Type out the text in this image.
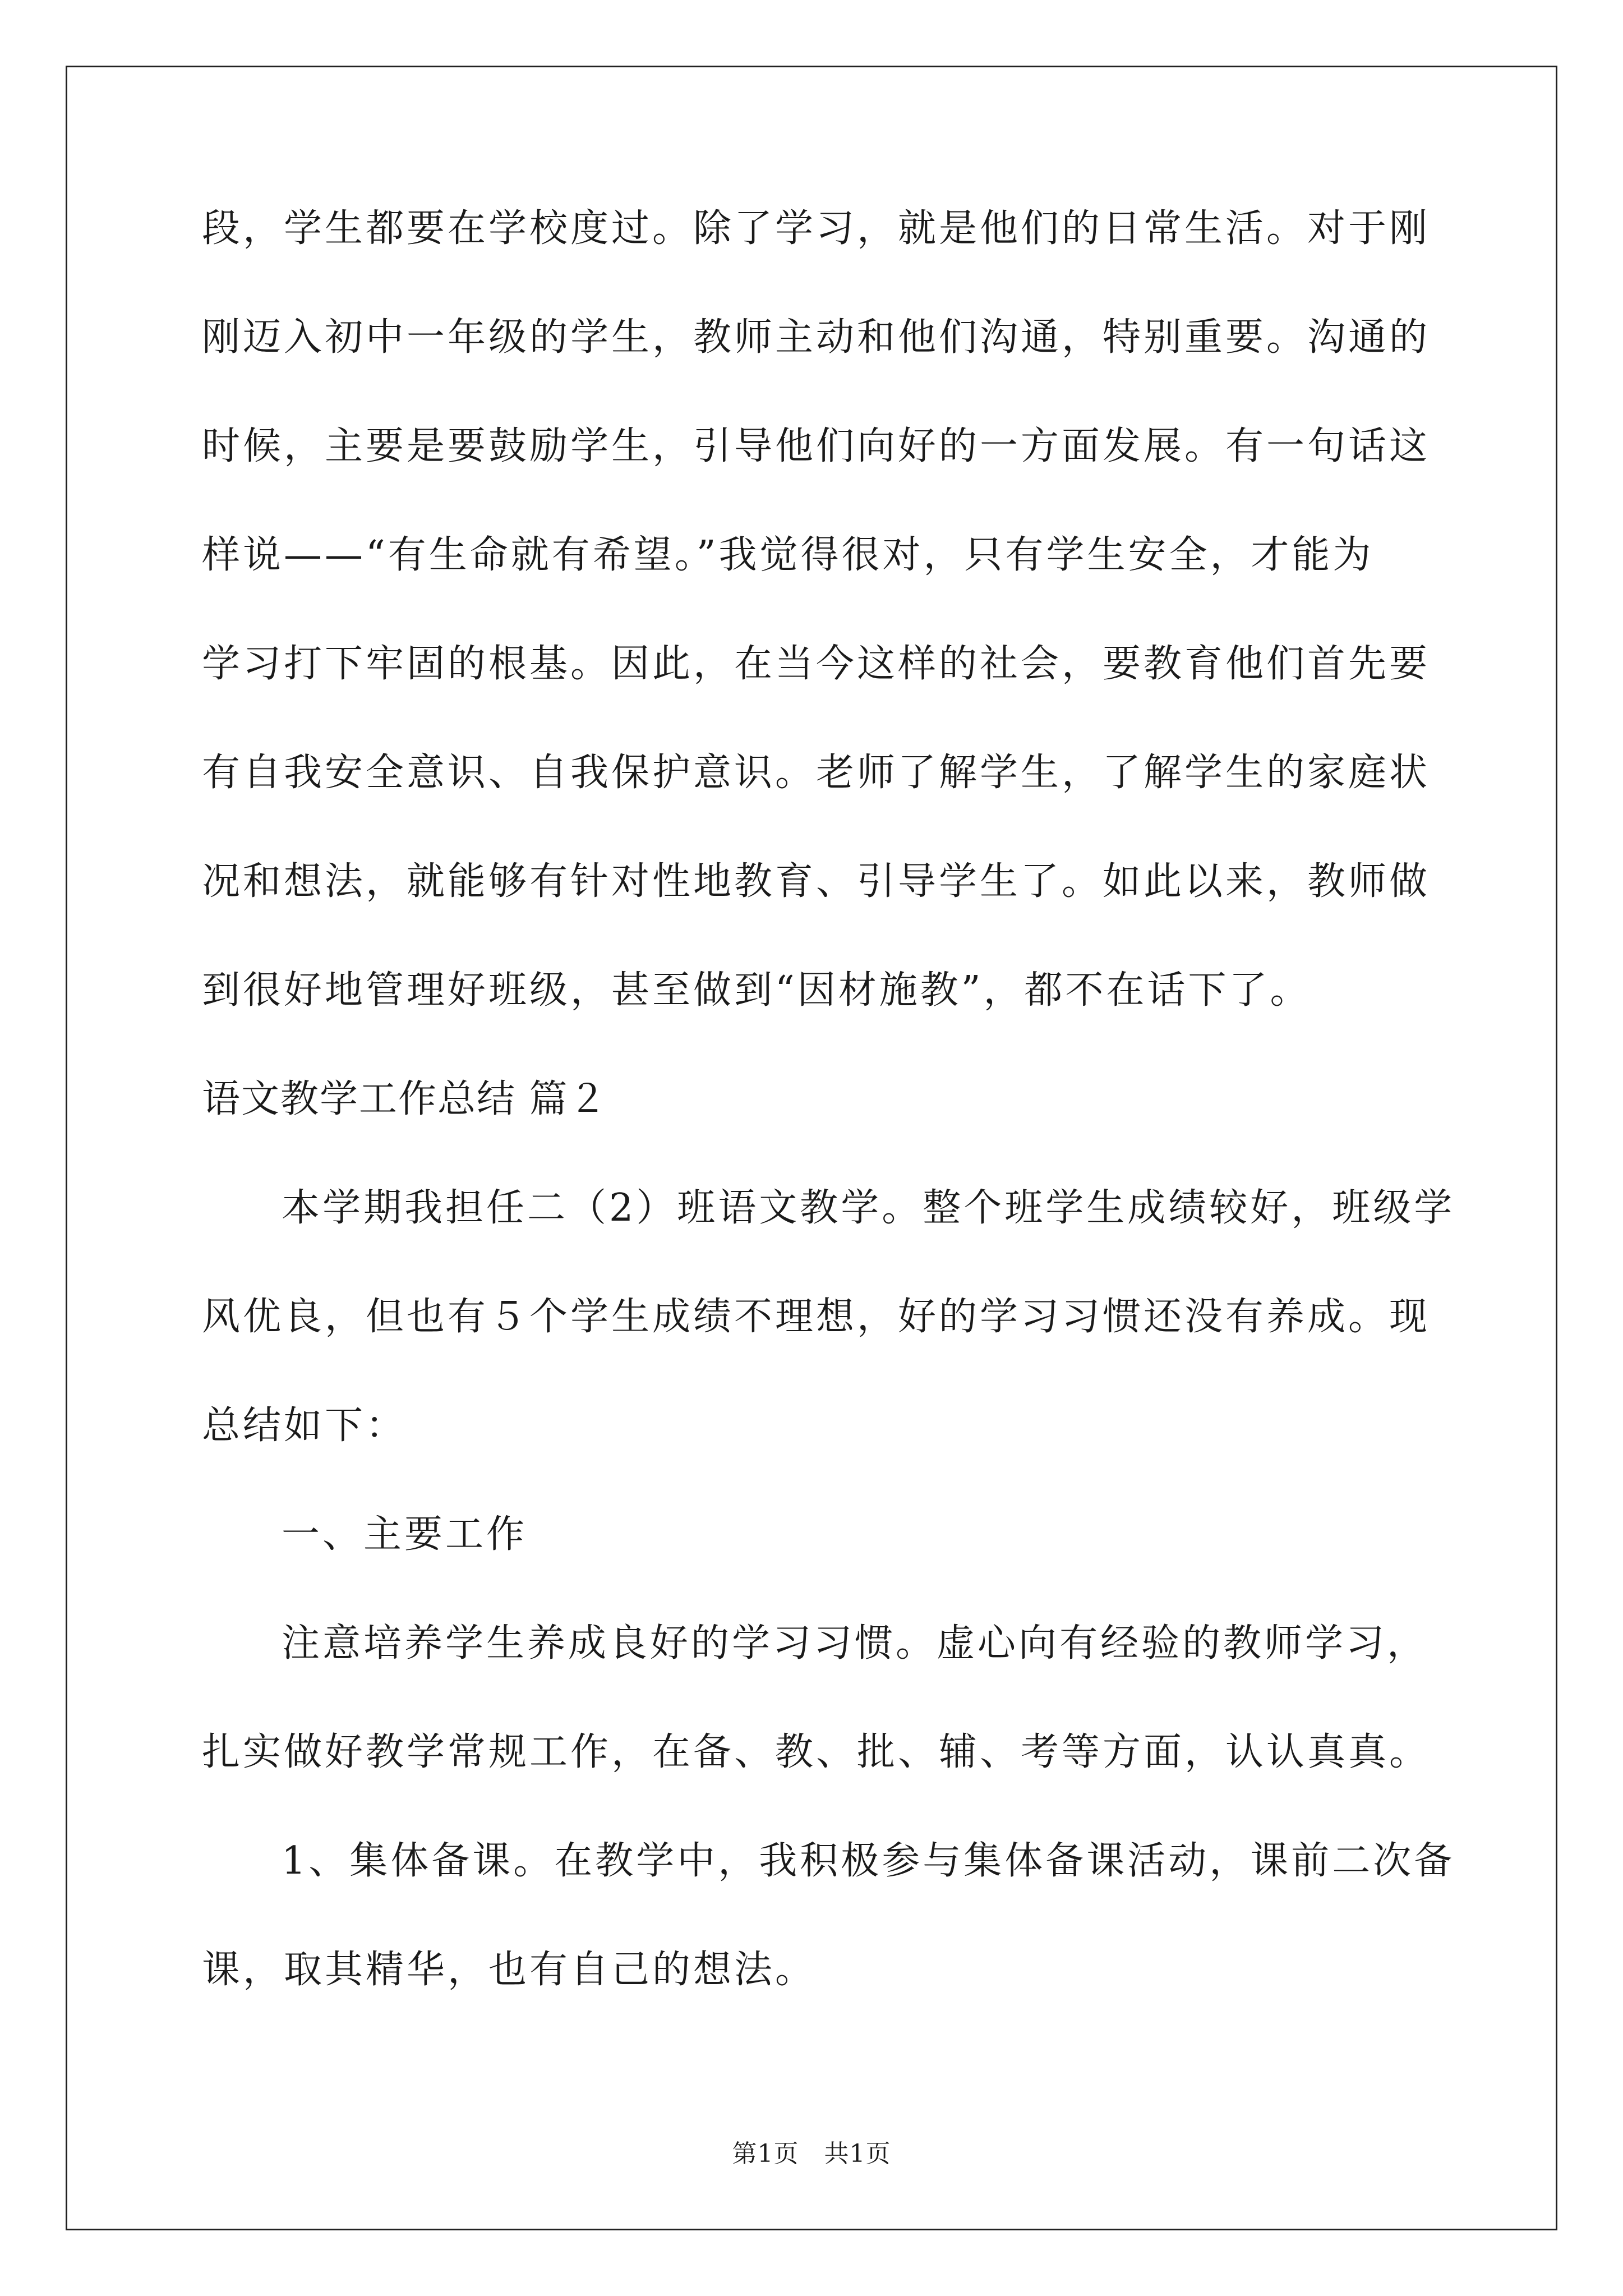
段，学生都要在学校度过。除了学习，就是他们的日常生活。对于刚
刚迈入初中一年级的学生，教师主动和他们沟通，特别重要。沟通的
时候，主要是要鼓励学生，引导他们向好的一方面发展。有一句话这
样说——“有生命就有希望。”我觉得很对，只有学生安全，才能为
学习打下牢固的根基。因此，在当今这样的社会，要教育他们首先要
有自我安全意识、自我保护意识。老师了解学生，了解学生的家庭状
况和想法，就能够有针对性地教育、引导学生了。如此以来，教师做
到很好地管理好班级，甚至做到“因材施教”，都不在话下了。
语文教学工作总结 篇２
本学期我担任二（2）班语文教学。整个班学生成绩较好，班级学
风优良，但也有５个学生成绩不理想，好的学习习惯还没有养成。现
总结如下：
一、主要工作
注意培养学生养成良好的学习习惯。虚心向有经验的教师学习，
扎实做好教学常规工作，在备、教、批、辅、考等方面，认认真真。
1、集体备课。在教学中，我积极参与集体备课活动，课前二次备
课，取其精华，也有自己的想法。
第1页　共1页
